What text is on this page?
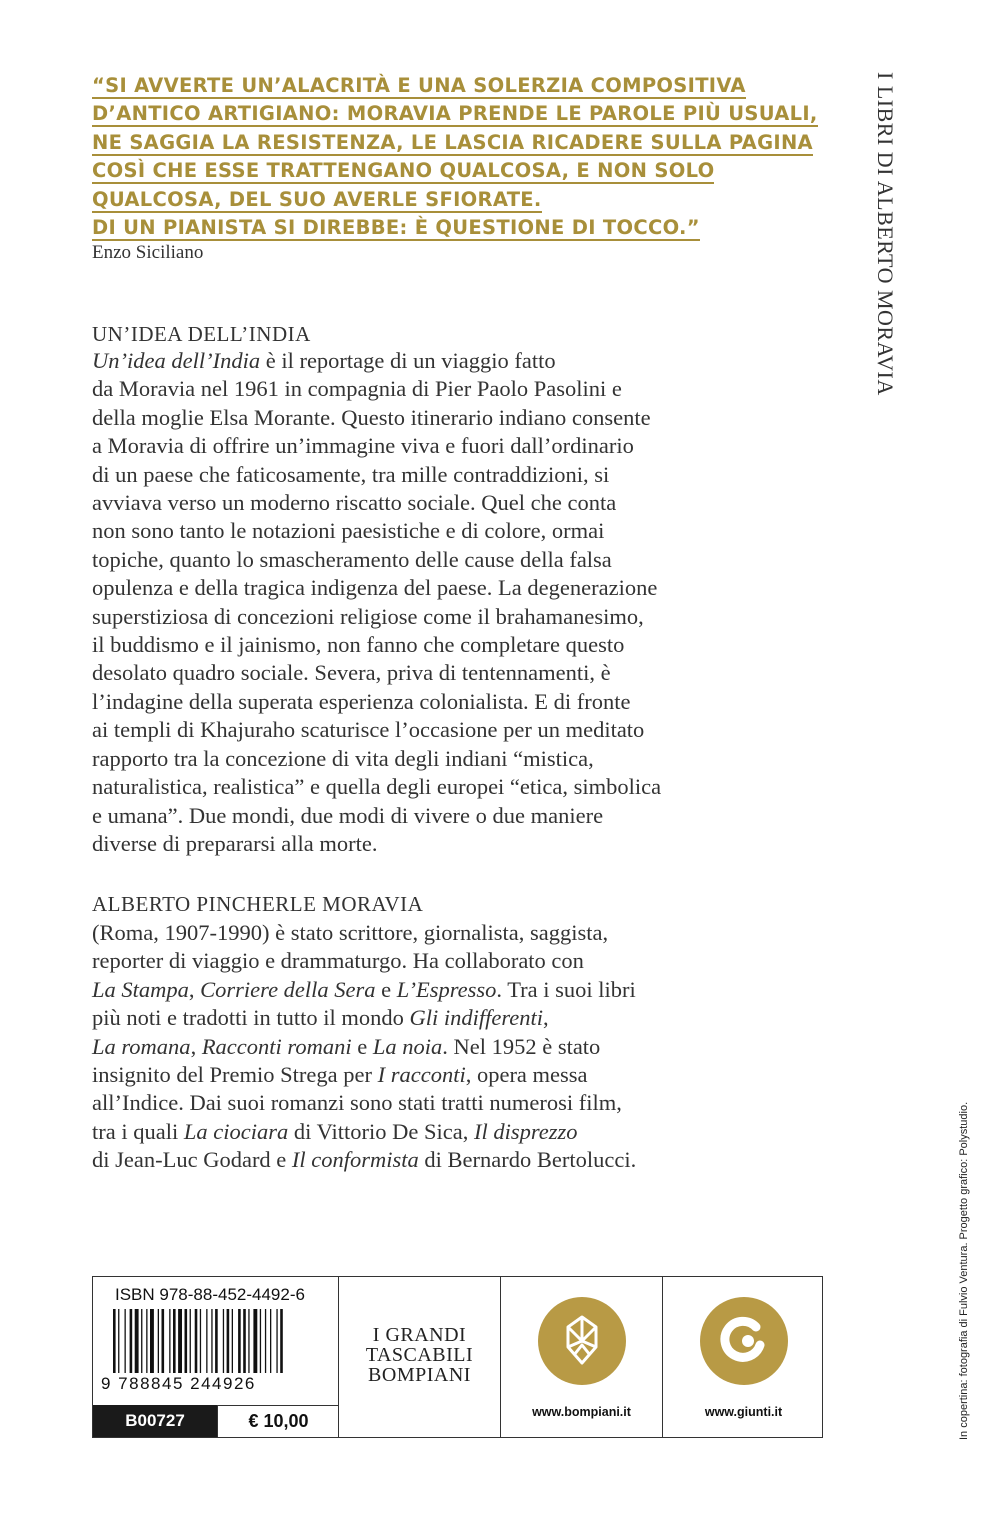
“SI AVVERTE UN’ALACRITÀ E UNA SOLERZIA COMPOSITIVA
D’ANTICO ARTIGIANO: MORAVIA PRENDE LE PAROLE PIÙ USUALI,
NE SAGGIA LA RESISTENZA, LE LASCIA RICADERE SULLA PAGINA
COSÌ CHE ESSE TRATTENGANO QUALCOSA, E NON SOLO
QUALCOSA, DEL SUO AVERLE SFIORATE.
DI UN PIANISTA SI DIREBBE: È QUESTIONE DI TOCCO.”
Enzo Siciliano	I LIBRI DI ALBERTO MORAVIA
UN’IDEA DELL’INDIA
Un’idea dell’India è il reportage di un viaggio fatto
da Moravia nel 1961 in compagnia di Pier Paolo Pasolini e
della moglie Elsa Morante. Questo itinerario indiano consente
a Moravia di offrire un’immagine viva e fuori dall’ordinario
di un paese che faticosamente, tra mille contraddizioni, si
avviava verso un moderno riscatto sociale. Quel che conta
non sono tanto le notazioni paesistiche e di colore, ormai
topiche, quanto lo smascheramento delle cause della falsa
opulenza e della tragica indigenza del paese. La degenerazione
superstiziosa di concezioni religiose come il brahamanesimo,
il buddismo e il jainismo, non fanno che completare questo
desolato quadro sociale. Severa, priva di tentennamenti, è
l’indagine della superata esperienza colonialista. E di fronte
ai templi di Khajuraho scaturisce l’occasione per un meditato
rapporto tra la concezione di vita degli indiani “mistica,
naturalistica, realistica” e quella degli europei “etica, simbolica
e umana”. Due mondi, due modi di vivere o due maniere
diverse di prepararsi alla morte.
ALBERTO PINCHERLE MORAVIA
(Roma, 1907-1990) è stato scrittore, giornalista, saggista,
reporter di viaggio e drammaturgo. Ha collaborato con
La Stampa, Corriere della Sera e L’Espresso. Tra i suoi libri
più noti e tradotti in tutto il mondo Gli indifferenti,
La romana, Racconti romani e La noia. Nel 1952 è stato
insignito del Premio Strega per I racconti, opera messa
all’Indice. Dai suoi romanzi sono stati tratti numerosi film,
tra i quali La ciociara di Vittorio De Sica, Il disprezzo
di Jean-Luc Godard e Il conformista di Bernardo Bertolucci.	In copertina: fotografia di Fulvio Ventura. Progetto grafico: Polystudio.
ISBN 978-88-452-4492-6
9 788845 244926
B00727	€ 10,00
I GRANDI
TASCABILI
BOMPIANI
www.bompiani.it	www.giunti.it
